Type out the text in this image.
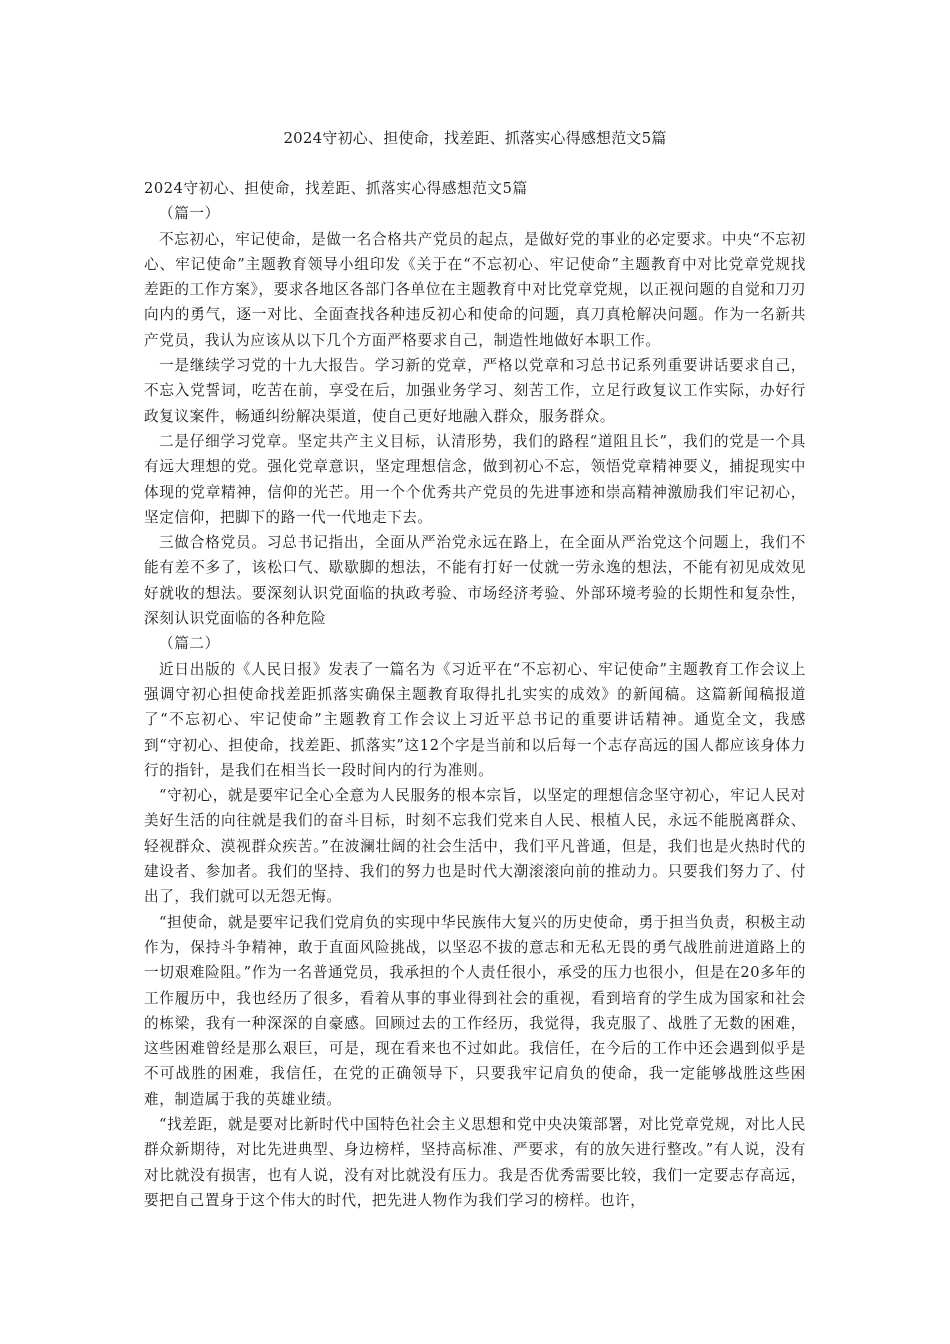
2024守初心、担使命，找差距、抓落实心得感想范文5篇

2024守初心、担使命，找差距、抓落实心得感想范文5篇

（篇一）

不忘初心，牢记使命，是做一名合格共产党员的起点，是做好党的事业的必定要求。中央“不忘初心、牢记使命”主题教育领导小组印发《关于在“不忘初心、牢记使命”主题教育中对比党章党规找差距的工作方案》，要求各地区各部门各单位在主题教育中对比党章党规，以正视问题的自觉和刀刃向内的勇气，逐一对比、全面查找各种违反初心和使命的问题，真刀真枪解决问题。作为一名新共产党员，我认为应该从以下几个方面严格要求自己，制造性地做好本职工作。

一是继续学习党的十九大报告。学习新的党章，严格以党章和习总书记系列重要讲话要求自己，不忘入党誓词，吃苦在前，享受在后，加强业务学习、刻苦工作，立足行政复议工作实际，办好行政复议案件，畅通纠纷解决渠道，使自己更好地融入群众，服务群众。

二是仔细学习党章。坚定共产主义目标，认清形势，我们的路程“道阻且长”，我们的党是一个具有远大理想的党。强化党章意识，坚定理想信念，做到初心不忘，领悟党章精神要义，捕捉现实中体现的党章精神，信仰的光芒。用一个个优秀共产党员的先进事迹和崇高精神激励我们牢记初心，坚定信仰，把脚下的路一代一代地走下去。

三做合格党员。习总书记指出，全面从严治党永远在路上，在全面从严治党这个问题上，我们不能有差不多了，该松口气、歇歇脚的想法，不能有打好一仗就一劳永逸的想法，不能有初见成效见好就收的想法。要深刻认识党面临的执政考验、市场经济考验、外部环境考验的长期性和复杂性，深刻认识党面临的各种危险

（篇二）

近日出版的《人民日报》发表了一篇名为《习近平在“不忘初心、牢记使命”主题教育工作会议上强调守初心担使命找差距抓落实确保主题教育取得扎扎实实的成效》的新闻稿。这篇新闻稿报道了“不忘初心、牢记使命”主题教育工作会议上习近平总书记的重要讲话精神。通览全文，我感到“守初心、担使命，找差距、抓落实”这12个字是当前和以后每一个志存高远的国人都应该身体力行的指针，是我们在相当长一段时间内的行为准则。

“守初心，就是要牢记全心全意为人民服务的根本宗旨，以坚定的理想信念坚守初心，牢记人民对美好生活的向往就是我们的奋斗目标，时刻不忘我们党来自人民、根植人民，永远不能脱离群众、轻视群众、漠视群众疾苦。”在波澜壮阔的社会生活中，我们平凡普通，但是，我们也是火热时代的建设者、参加者。我们的坚持、我们的努力也是时代大潮滚滚向前的推动力。只要我们努力了、付出了，我们就可以无怨无悔。

“担使命，就是要牢记我们党肩负的实现中华民族伟大复兴的历史使命，勇于担当负责，积极主动作为，保持斗争精神，敢于直面风险挑战，以坚忍不拔的意志和无私无畏的勇气战胜前进道路上的一切艰难险阻。”作为一名普通党员，我承担的个人责任很小，承受的压力也很小，但是在20多年的工作履历中，我也经历了很多，看着从事的事业得到社会的重视，看到培育的学生成为国家和社会的栋梁，我有一种深深的自豪感。回顾过去的工作经历，我觉得，我克服了、战胜了无数的困难，这些困难曾经是那么艰巨，可是，现在看来也不过如此。我信任，在今后的工作中还会遇到似乎是不可战胜的困难，我信任，在党的正确领导下，只要我牢记肩负的使命，我一定能够战胜这些困难，制造属于我的英雄业绩。

“找差距，就是要对比新时代中国特色社会主义思想和党中央决策部署，对比党章党规，对比人民群众新期待，对比先进典型、身边榜样，坚持高标准、严要求，有的放矢进行整改。”有人说，没有对比就没有损害，也有人说，没有对比就没有压力。我是否优秀需要比较，我们一定要志存高远，要把自己置身于这个伟大的时代，把先进人物作为我们学习的榜样。也许，
